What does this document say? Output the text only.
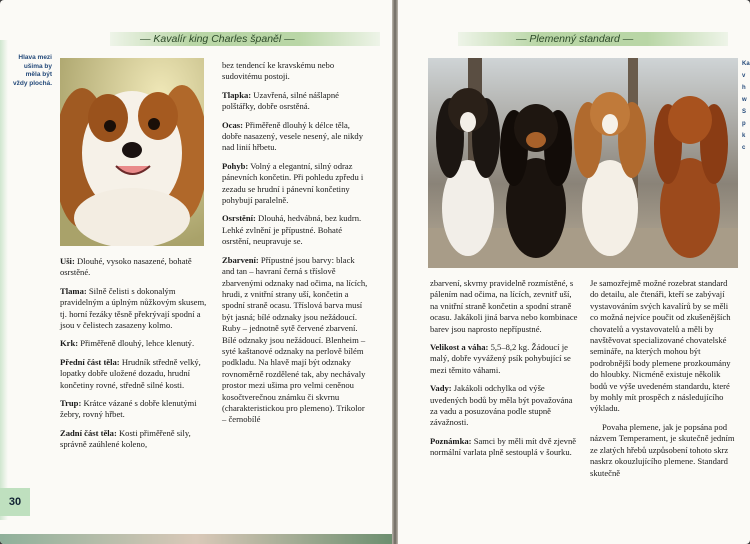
— Kavalír king Charles španěl —
Hlava mezi ušima by měla být vždy plochá.

Uši: Dlouhé, vysoko nasazené, bohatě osrstěné.

Tlama: Silně čelisti s dokonalým pravidelným a úplným nůžkovým skusem, tj. horní řezáky těsně překrývají spodní a jsou v čelistech zasazeny kolmo.

Krk: Přiměřeně dlouhý, lehce klenutý.

Přední část těla: Hrudník středně velký, lopatky dobře uložené dozadu, hrudní končetiny rovné, středně silné kosti.

Trup: Krátce vázané s dobře klenutými žebry, rovný hřbet.

Zadní část těla: Kosti přiměřeně sily, správně zaúhlené koleno,

bez tendencí ke kravskému nebo sudovitému postoji.

Tlapka: Uzavřená, silné nášlapné polštářky, dobře osrstěná.

Ocas: Přiměřeně dlouhý k délce těla, dobře nasazený, vesele nesený, ale nikdy nad linií hřbetu.

Pohyb: Volný a elegantní, silný odraz pánevních končetin. Při pohledu zpředu i zezadu se hrudní i pánevní končetiny pohybují paralelně.

Osrstění: Dlouhá, hedvábná, bez kudrn. Lehké zvlnění je přípustné. Bohaté osrstění, neupravuje se.

Zbarvení: Přípustné jsou barvy: black and tan – havraní černá s tříslově zbarvenými odznaky nad očima, na lících, hrudi, z vnitřní strany uší, končetin a spodní straně ocasu. Tříslová barva musí být jasná; bílé odznaky jsou nežádoucí. Ruby – jednotně sytě červené zbarvení. Bílé odznaky jsou nežádoucí. Blenheim – syté kaštanové odznaky na perlově bílém podkladu. Na hlavě mají být odznaky rovnoměrně rozdělené tak, aby nechávaly prostor mezi ušima pro velmi ceněnou kosočtverečnou známku či skvrnu (charakteristickou pro plemeno). Trikolor – černobílé

30
— Plemenný standard —

zbarvení, skvrny pravidelně rozmístěné, s pálením nad očima, na lících, zevnitř uší, na vnitřní straně končetin a spodní straně ocasu. Jakákoli jiná barva nebo kombinace barev jsou naprosto nepřípustné.

Velikost a váha: 5,5–8,2 kg. Žádoucí je malý, dobře vyvážený psík pohybující se mezi těmito váhami.

Vady: Jakákoli odchylka od výše uvedených bodů by měla být považována za vadu a posuzována podle stupně závažnosti.

Poznámka: Samci by měli mít dvě zjevně normální varlata plně sestouplá v šourku.

Je samozřejmě možné rozebrat standard do detailu, ale čtenáři, kteří se zabývají vystavováním svých kavalírů by se měli co možná nejvíce poučit od zkušenějších chovatelů a vystavovatelů a měli by navštěvovat specializované chovatelské semináře, na kterých mohou být podrobnější body plemene prozkoumány do hloubky. Nicméně existuje několik bodů ve výše uvedeném standardu, které by mohly mít prospěch z následujícího výkladu.

Povaha plemene, jak je popsána pod názvem Temperament, je skutečně jedním ze zlatých hřebů uzpůsobení tohoto skrz naskrz okouzlujícího plemene. Standard skutečně

Ka v h w S p k c
